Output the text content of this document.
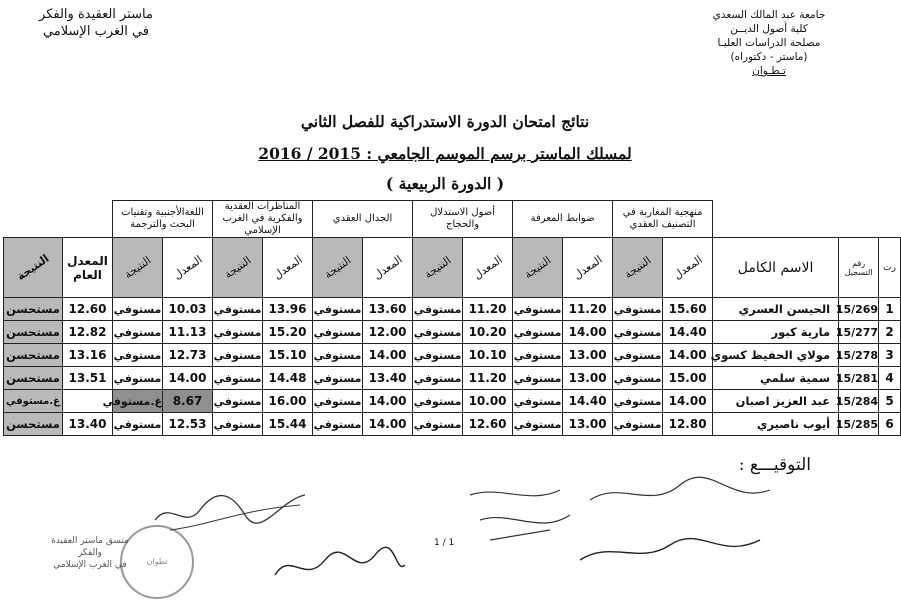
جامعة عبد المالك السعدي
كلية أصول الديــن
مصلحة الدراسات العليـا
(ماستر - دكتوراه)
تـطـوان
ماستر العقيدة والفكر
في الغرب الإسلامي
نتائج امتحان الدورة الاستدراكية للفصل الثاني
لمسلك الماستر برسم الموسم الجامعي : 2015 / 2016
( الدورة الربيعية )
			منهجية المغاربة في التصنيف العقدي		ضوابط المعرفة		أصول الاستدلال والحجاج		الجدال العقدي		المناظرات العقدية والفكرية في الغرب الإسلامي		اللغةالأجنبية وتقنيات البحث والترجمة			
رت	رقم التسجيل	الاسم الكامل	المعدل	النتيجة	المعدل	النتيجة	المعدل	النتيجة	المعدل	النتيجة	المعدل	النتيجة	المعدل	النتيجة	المعدل العام	النتيجة
1	15/269	الحيسن العسري	15.60	مستوفي	11.20	مستوفي	11.20	مستوفي	13.60	مستوفي	13.96	مستوفي	10.03	مستوفي	12.60	مستحسن
2	15/277	مارية كبور	14.40	مستوفي	14.00	مستوفي	10.20	مستوفي	12.00	مستوفي	15.20	مستوفي	11.13	مستوفي	12.82	مستحسن
3	15/278	مولاي الحفيظ كسوي	14.00	مستوفي	13.00	مستوفي	10.10	مستوفي	14.00	مستوفي	15.10	مستوفي	12.73	مستوفي	13.16	مستحسن
4	15/281	سمية سلمي	15.00	مستوفي	13.00	مستوفي	11.20	مستوفي	13.40	مستوفي	14.48	مستوفي	14.00	مستوفي	13.51	مستحسن
5	15/284	عبد العزيز اصبان	14.00	مستوفي	14.40	مستوفي	10.00	مستوفي	14.00	مستوفي	16.00	مستوفي	8.67	غ.مستوفي		غ.مستوفي
6	15/285	أيوب ناصيري	12.80	مستوفي	13.00	مستوفي	12.60	مستوفي	14.00	مستوفي	15.44	مستوفي	12.53	مستوفي	13.40	مستحسن
التوقيـــع :
1 / 1
تطوان
منسق ماستر العقيدة والفكر
في الغرب الإسلامي
